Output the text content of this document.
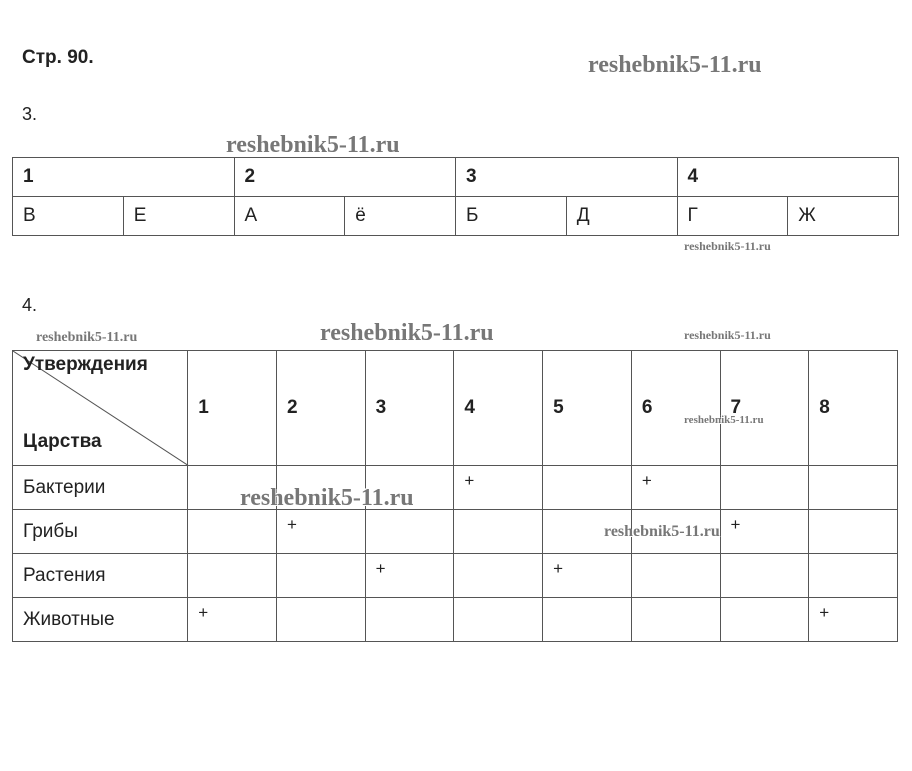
Стр. 90.
3.
1		2		3		4	
В	Е	А	ё	Б	Д	Г	Ж
4.
Утверждения
Царства	1	2	3	4	5	6	7	8
Бактерии				+		+		
Грибы		+					+	
Растения			+		+			
Животные	+							+
reshebnik5-11.ru
reshebnik5-11.ru
reshebnik5-11.ru
reshebnik5-11.ru	reshebnik5-11.ru	reshebnik5-11.ru
reshebnik5-11.ru
reshebnik5-11.ru
reshebnik5-11.ru
